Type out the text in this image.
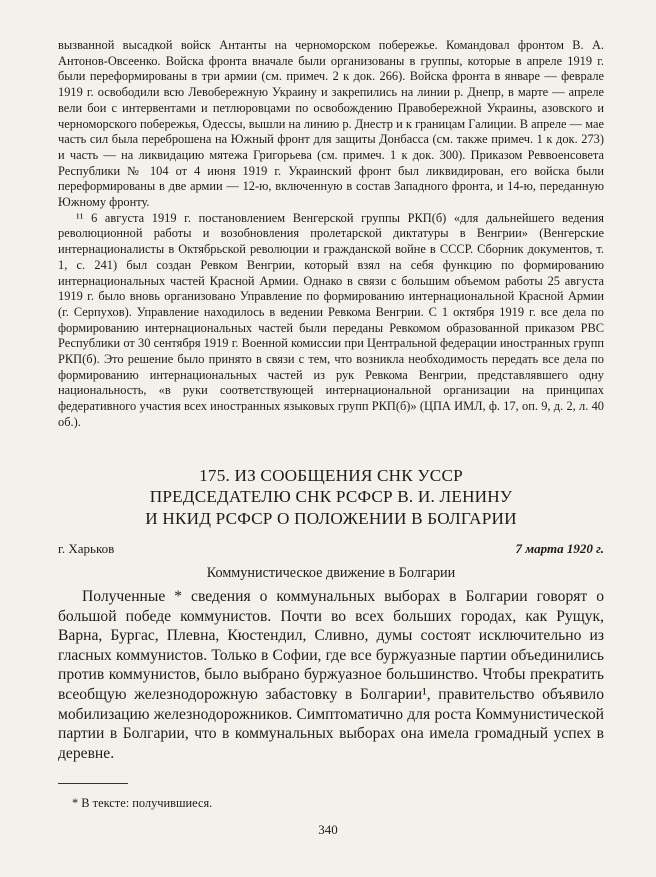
вызванной высадкой войск Антанты на черноморском побережье. Командовал фронтом В. А. Антонов-Овсеенко. Войска фронта вначале были организованы в группы, которые в апреле 1919 г. были переформированы в три армии (см. примеч. 2 к док. 266). Войска фронта в январе — феврале 1919 г. освободили всю Левобережную Украину и закрепились на линии р. Днепр, в марте — апреле вели бои с интервентами и петлюровцами по освобождению Правобережной Украины, азовского и черноморского побережья, Одессы, вышли на линию р. Днестр и к границам Галиции. В апреле — мае часть сил была переброшена на Южный фронт для защиты Донбасса (см. также примеч. 1 к док. 273) и часть — на ликвидацию мятежа Григорьева (см. примеч. 1 к док. 300). Приказом Реввоенсовета Республики № 104 от 4 июня 1919 г. Украинский фронт был ликвидирован, его войска были переформированы в две армии — 12-ю, включенную в состав Западного фронта, и 14-ю, переданную Южному фронту.

¹¹ 6 августа 1919 г. постановлением Венгерской группы РКП(б) «для дальнейшего ведения революционной работы и возобновления пролетарской диктатуры в Венгрии» (Венгерские интернационалисты в Октябрьской революции и гражданской войне в СССР. Сборник документов, т. 1, с. 241) был создан Ревком Венгрии, который взял на себя функцию по формированию интернациональных частей Красной Армии. Однако в связи с большим объемом работы 25 августа 1919 г. было вновь организовано Управление по формированию интернациональной Красной Армии (г. Серпухов). Управление находилось в ведении Ревкома Венгрии. С 1 октября 1919 г. все дела по формированию интернациональных частей были переданы Ревкомом образованной приказом РВС Республики от 30 сентября 1919 г. Военной комиссии при Центральной федерации иностранных групп РКП(б). Это решение было принято в связи с тем, что возникла необходимость передать все дела по формированию интернациональных частей из рук Ревкома Венгрии, представлявшего одну национальность, «в руки соответствующей интернациональной организации на принципах федеративного участия всех иностранных языковых групп РКП(б)» (ЦПА ИМЛ, ф. 17, оп. 9, д. 2, л. 40 об.).

175. ИЗ СООБЩЕНИЯ СНК УССР
ПРЕДСЕДАТЕЛЮ СНК РСФСР В. И. ЛЕНИНУ
И НКИД РСФСР О ПОЛОЖЕНИИ В БОЛГАРИИ
г. Харьков	7 марта 1920 г.
Коммунистическое движение в Болгарии

Полученные * сведения о коммунальных выборах в Болгарии говорят о большой победе коммунистов. Почти во всех больших городах, как Рущук, Варна, Бургас, Плевна, Кюстендил, Сливно, думы состоят исключительно из гласных коммунистов. Только в Софии, где все буржуазные партии объединились против коммунистов, было выбрано буржуазное большинство. Чтобы прекратить всеобщую железнодорожную забастовку в Болгарии¹, правительство объявило мобилизацию железнодорожников. Симптоматично для роста Коммунистической партии в Болгарии, что в коммунальных выборах она имела громадный успех в деревне.

* В тексте: получившиеся.
340
